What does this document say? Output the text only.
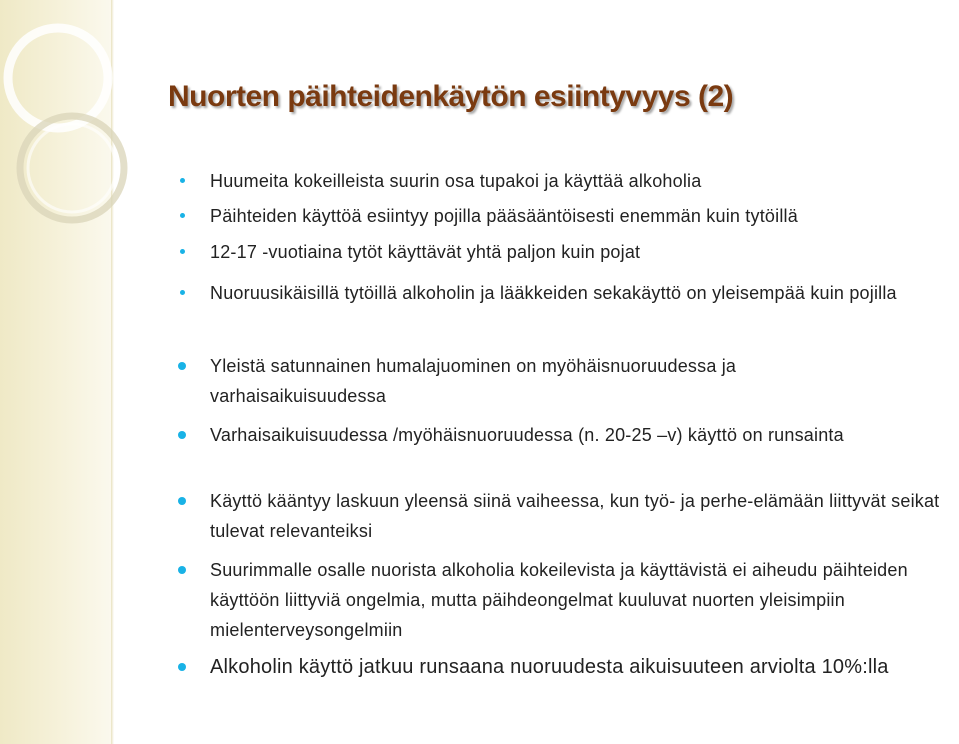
Nuorten päihteidenkäytön esiintyvyys (2)
Huumeita kokeilleista suurin osa tupakoi ja käyttää alkoholia
Päihteiden käyttöä esiintyy pojilla pääsääntöisesti enemmän kuin tytöillä
12-17 -vuotiaina tytöt käyttävät yhtä paljon kuin pojat
Nuoruusikäisillä tytöillä alkoholin ja lääkkeiden sekakäyttö on yleisempää kuin pojilla
Yleistä satunnainen humalajuominen on myöhäisnuoruudessa ja varhaisaikuisuudessa
Varhaisaikuisuudessa /myöhäisnuoruudessa (n. 20-25 –v) käyttö on runsainta
Käyttö kääntyy laskuun yleensä siinä vaiheessa, kun työ- ja perhe-elämään liittyvät seikat tulevat relevanteiksi
Suurimmalle osalle nuorista alkoholia kokeilevista ja käyttävistä ei aiheudu päihteiden käyttöön liittyviä ongelmia, mutta päihdeongelmat kuuluvat nuorten yleisimpiin mielenterveysongelmiin
Alkoholin käyttö jatkuu runsaana nuoruudesta aikuisuuteen arviolta 10%:lla
